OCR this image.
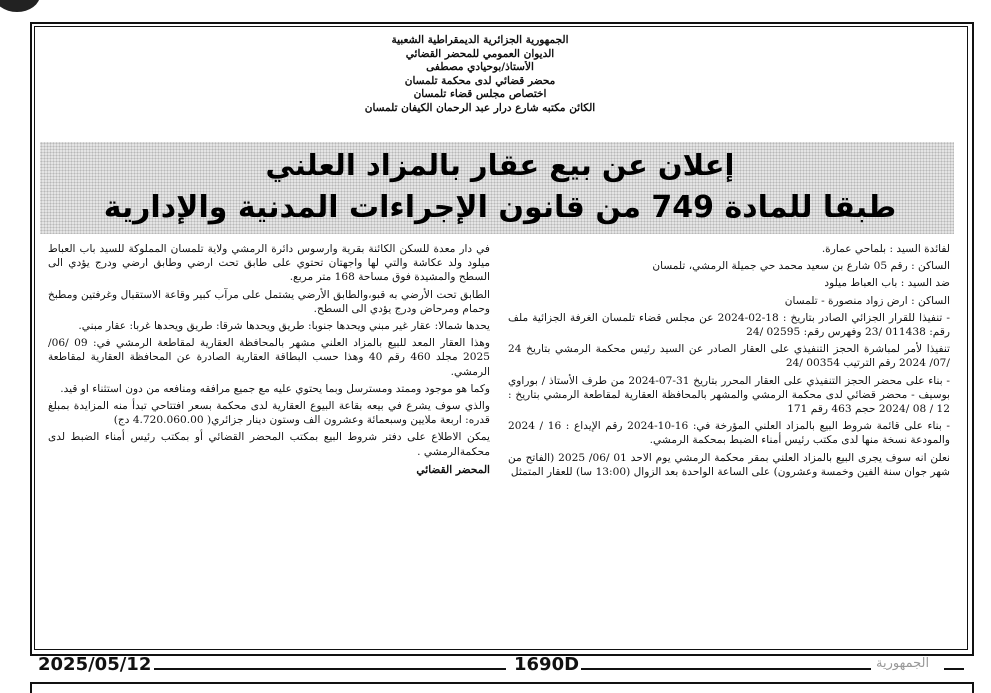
الجمهورية الجزائرية الديمقراطية الشعبية
الديوان العمومي للمحضر القضائي
الأستاذ/بوحيادي مصطفى
محضر قضائي لدى محكمة تلمسان
اختصاص مجلس قضاء تلمسان
الكائن مكتبه شارع درار عبد الرحمان الكيفان تلمسان
إعلان عن بيع عقار بالمزاد العلني
طبقا للمادة 749 من قانون الإجراءات المدنية والإدارية

لفائدة السيد : بلماحي عمارة.

الساكن : رقم 05 شارع بن سعيد محمد حي جميلة الرمشي، تلمسان

ضد السيد : باب العباط ميلود

الساكن : ارض زواد منصورة - تلمسان

- تنفيذا للقرار الجزائي الصادر بتاريخ : 18-02-2024 عن مجلس قضاء تلمسان الغرفة الجزائية ملف رقم: 011438 /23 وفهرس رقم: 02595 /24

تنفيذا لأمر لمباشرة الحجز التنفيذي على العقار الصادر عن السيد رئيس محكمة الرمشي بتاريخ 24 /07/ 2024 رقم الترتيب 00354 /24

- بناء على محضر الحجز التنفيذي على العقار المحرر بتاريخ 31-07-2024 من طرف الأستاذ / بوراوي بوسيف - محضر قضائي لدى محكمة الرمشي والمشهر بالمحافظة العقارية لمقاطعة الرمشي بتاريخ : 12 / 08 /2024 حجم 463 رقم 171

- بناء على قائمة شروط البيع بالمزاد العلني المؤرخة في: 16-10-2024 رقم الإيداع : 16 / 2024 والمودعة نسخة منها لدى مكتب رئيس أمناء الضبط بمحكمة الرمشي.

نعلن انه سوف يجرى البيع بالمزاد العلني بمقر محكمة الرمشي يوم الاحد 01 /06/ 2025 (الفاتح من شهر جوان سنة الفين وخمسة وعشرون) على الساعة الواحدة بعد الزوال (13:00 سا) للعقار المتمثل

في دار معدة للسكن الكائنة بقرية وارسوس دائرة الرمشي ولاية تلمسان المملوكة للسيد باب العباط ميلود ولد عكاشة والتي لها واجهتان تحتوي على طابق تحت ارضي وطابق ارضي ودرج يؤدي الى السطح والمشيدة فوق مساحة 168 متر مربع.

الطابق تحت الأرضي به قبو،والطابق الأرضي يشتمل على مرآب كبير وقاعة الاستقبال وغرفتين ومطبخ وحمام ومرحاض ودرج يؤدي الى السطح.

يحدها شمالا: عقار غير مبني ويحدها جنوبا: طريق ويحدها شرقا: طريق ويحدها غربا: عقار مبني.

وهذا العقار المعد للبيع بالمزاد العلني مشهر بالمحافظة العقارية لمقاطعة الرمشي في: 09 /06/ 2025 مجلد 460 رقم 40 وهذا حسب البطاقة العقارية الصادرة عن المحافظة العقارية لمقاطعة الرمشي.

وكما هو موجود وممتد ومسترسل وبما يحتوي عليه مع جميع مرافقه ومنافعه من دون استثناء او قيد.

والذي سوف يشرع في بيعه بقاعة البيوع العقارية لدى محكمة بسعر افتتاحي تبدأ منه المزايدة بمبلغ قدره: اربعة ملايين وسبعمائة وعشرون الف وستون دينار جزائري( 4.720.060.00 دج)

يمكن الاطلاع على دفتر شروط البيع بمكتب المحضر القضائي أو بمكتب رئيس أمناء الضبط لدى محكمةالرمشي .

المحضر القضائي

2025/05/12	1690D	الجمهورية
